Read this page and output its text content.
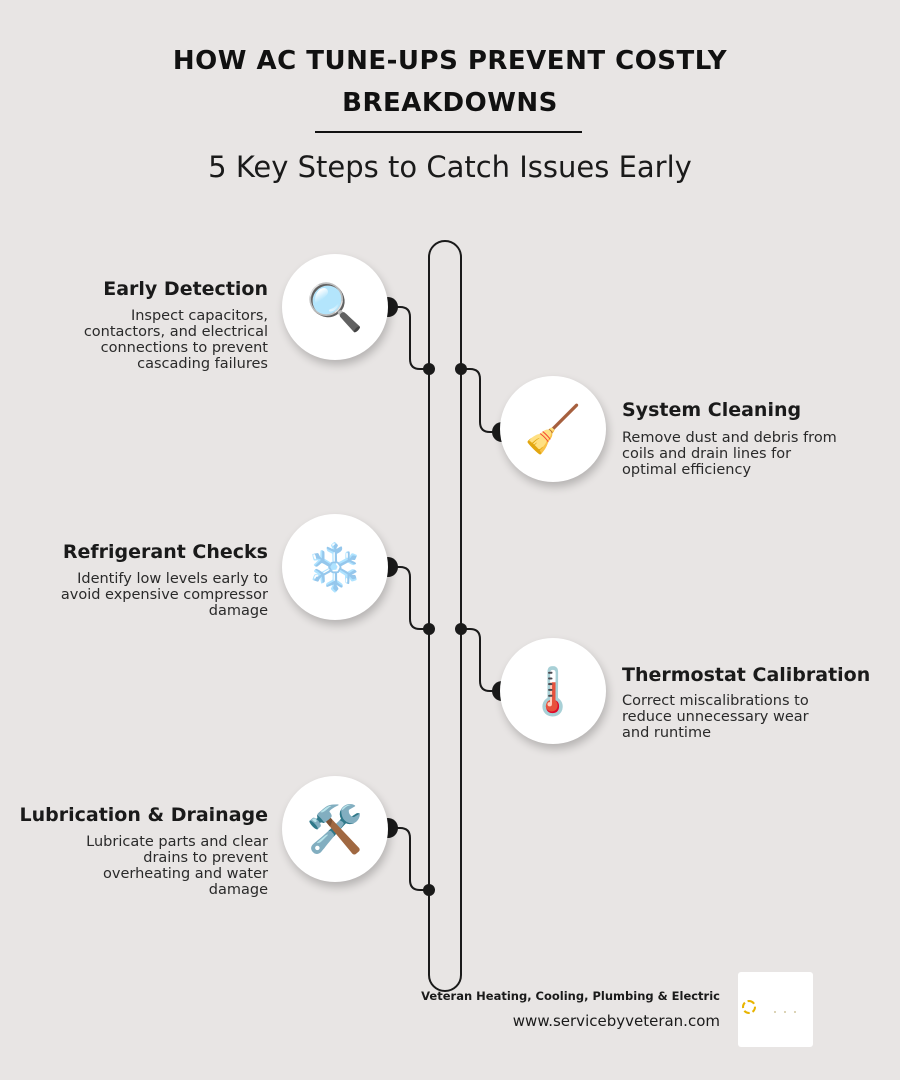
HOW AC TUNE-UPS PREVENT COSTLY BREAKDOWNS
5 Key Steps to Catch Issues Early
Early Detection
Inspect capacitors, contactors, and electrical connections to prevent cascading failures
🔍
🧹	System Cleaning
Remove dust and debris from coils and drain lines for optimal efficiency
Refrigerant Checks
Identify low levels early to avoid expensive compressor damage
❄️
🌡️	Thermostat Calibration
Correct miscalibrations to reduce unnecessary wear and runtime
Lubrication & Drainage
Lubricate parts and clear drains to prevent overheating and water damage
🛠️
Veteran Heating, Cooling, Plumbing & Electric
www.servicebyveteran.com
